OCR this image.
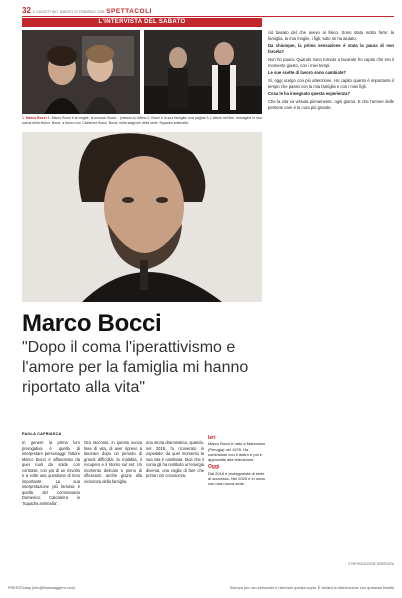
32 IL GAZZETTINO SABATO 22 FEBBRAIO 2025 SPETTACOLI
L'INTERVISTA DEL SABATO
1. Marco Bocci 1. Marco Bocci e la moglie, la musica. Bocci... (stando a) Ultimo 2. Bocci e la sua famiglia: una pagina 3. L'attore nel film. Immagine in una scena della fiction. Bocci, a fianco con Catherine Bocci. Bocci, nella stagione della serie 'Squadra antimafia'.

ciò basato del che avevo al fisico. Sono stato molto forte: la famiglia, la mia moglie, i figli, tutto mi ha aiutato.

Da chiunque, la prima sensazione è stata la paura di non farcela?

Non ho paura. Quando sono tornato a lavorare ho capito che era il momento giusto, con i miei tempi.

Le sue scelte di lavoro sono cambiate?

Sì, oggi scelgo con più attenzione. Ho capito quanto è importante il tempo che passo con la mia famiglia e con i miei figli.

Cosa le ha insegnato questa esperienza?

Che la vita va vissuta pienamente, ogni giorno. E che l'amore delle persone care è la cura più grande.

Marco Bocci
"Dopo il coma l'iperattivismo e l'amore per la famiglia mi hanno riportato alla vita"
PAOLA CAPRIASCA

In genere la prima loro prerogativa è quella di interpretare personaggi: l'attore Marco Bocci è affascinato da quei ruoli da solde con contrasti, con più di un risvolto e a volte una questione di tono importante. La sua interpretazione più famosa è quella del commissario Domenico Calcaterra in 'Squadra antimafia'.

Ora racconta, in questa nuova fase di vita, di aver ripreso a lavorare dopo un periodo di grandi difficoltà: la malattia, il recupero e il ritorno sul set. Un momento delicato e pieno di riflessioni, anche grazie alla vicinanza della famiglia.

una storia drammatica, quando, nel 2018, fu ricoverato in ospedale: da quel momento la sua vita è cambiata. Dice che il coma gli ha restituito un'energia diversa, una voglia di fare che prima non conosceva.

Ieri

Marco Bocci è nato a Marsciano (Perugia) nel 1978. Ha cominciato con il teatro e poi è approdato alla televisione.

Oggi

Dal 2018 è protagonista di serie di successo. Nel 2025 è in onda con una nuova serie.

© RIPRODUZIONE RISERVATA
PRESSToday (info@ilmessaggero.com)	Stampa per uso personale e riservato questa copia. È vietata la distribuzione con qualsiasi finalità
